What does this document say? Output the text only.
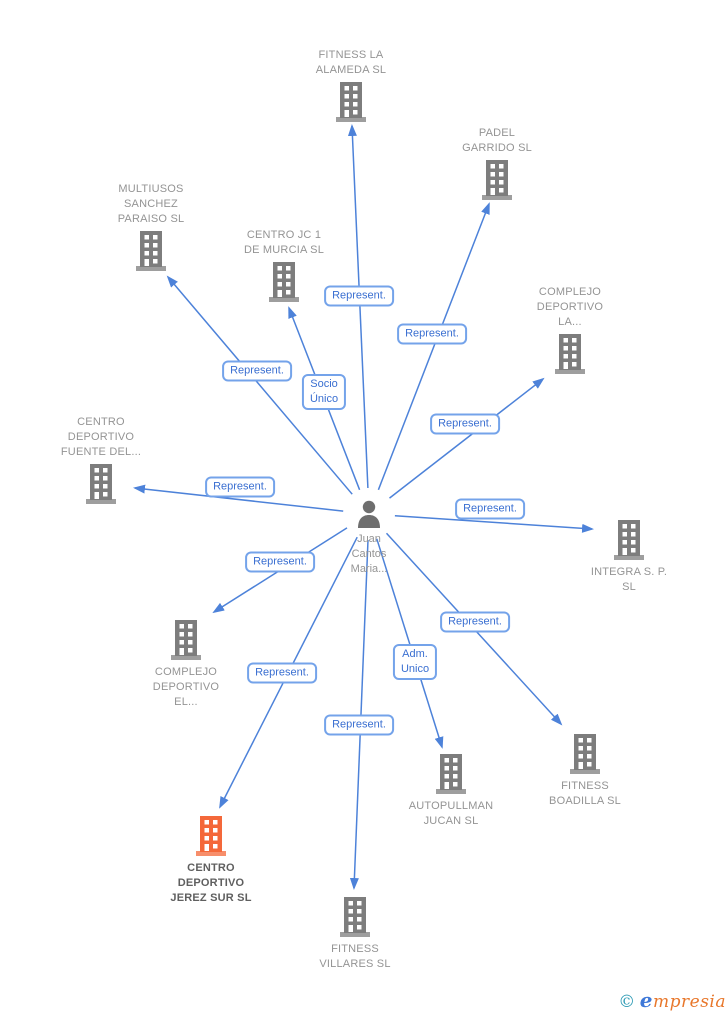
Juan
Cantos
Maria...
© empresia
FITNESS LA
ALAMEDA SL
PADEL
GARRIDO SL
MULTIUSOS
SANCHEZ
PARAISO SL
CENTRO JC 1
DE MURCIA SL
COMPLEJO
DEPORTIVO
LA...
CENTRO
DEPORTIVO
FUENTE DEL...
INTEGRA S. P.
SL
COMPLEJO
DEPORTIVO
EL...
CENTRO
DEPORTIVO
JEREZ SUR SL
AUTOPULLMAN
JUCAN SL
FITNESS
BOADILLA SL
FITNESS
VILLARES SL
Represent.
Represent.
Represent.
Socio
Único
Represent.
Represent.
Represent.
Represent.
Represent.
Adm.
Unico
Represent.
Represent.
